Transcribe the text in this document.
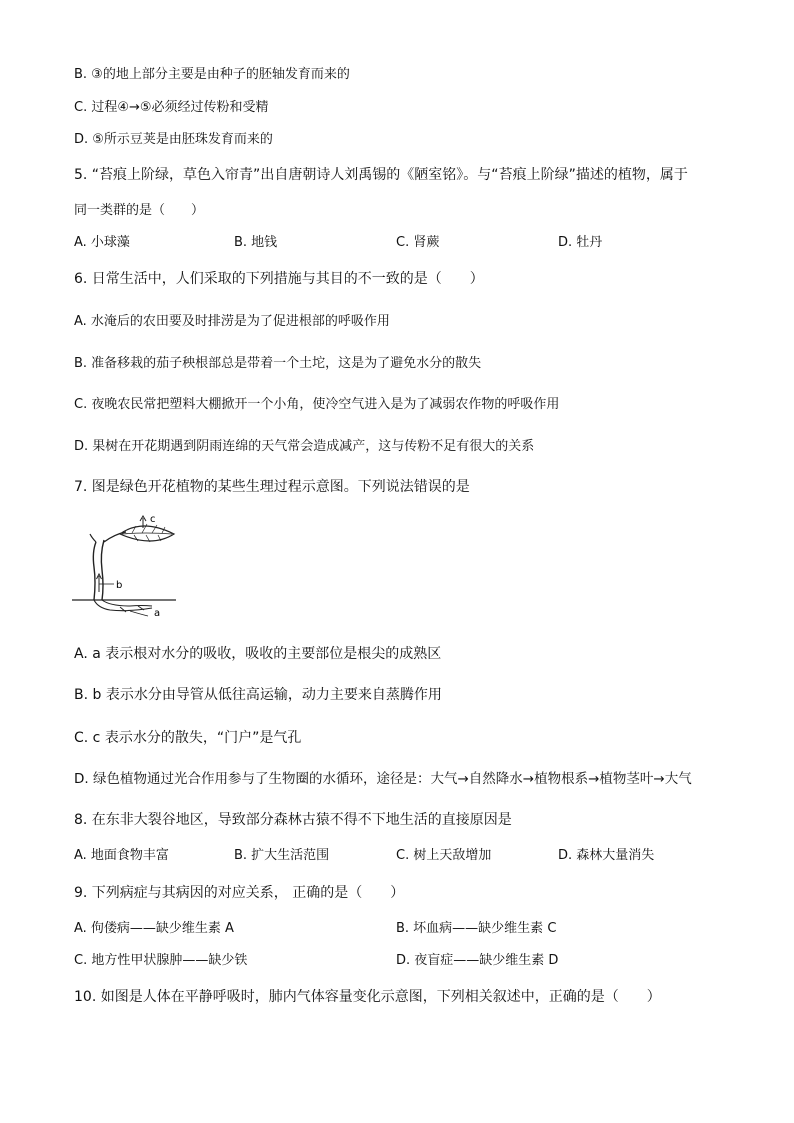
B. ③的地上部分主要是由种子的胚轴发育而来的
C. 过程④→⑤必须经过传粉和受精
D. ⑤所示豆荚是由胚珠发育而来的
5. “苔痕上阶绿，草色入帘青”出自唐朝诗人刘禹锡的《陋室铭》。与“苔痕上阶绿”描述的植物，属于
同一类群的是（　　）
A. 小球藻	B. 地钱	C. 肾蕨	D. 牡丹
6. 日常生活中，人们采取的下列措施与其目的不一致的是（　　）
A. 水淹后的农田要及时排涝是为了促进根部的呼吸作用
B. 准备移栽的茄子秧根部总是带着一个土坨，这是为了避免水分的散失
C. 夜晚农民常把塑料大棚掀开一个小角，使冷空气进入是为了减弱农作物的呼吸作用
D. 果树在开花期遇到阴雨连绵的天气常会造成减产，这与传粉不足有很大的关系
7. 图是绿色开花植物的某些生理过程示意图。下列说法错误的是
c
b
a
A. a 表示根对水分的吸收，吸收的主要部位是根尖的成熟区
B. b 表示水分由导管从低往高运输，动力主要来自蒸腾作用
C. c 表示水分的散失，“门户”是气孔
D. 绿色植物通过光合作用参与了生物圈的水循环，途径是：大气→自然降水→植物根系→植物茎叶→大气
8. 在东非大裂谷地区，导致部分森林古猿不得不下地生活的直接原因是
A. 地面食物丰富	B. 扩大生活范围	C. 树上天敌增加	D. 森林大量消失
9. 下列病症与其病因的对应关系， 正确的是（　　）
A. 佝偻病——缺少维生素 A	B. 坏血病——缺少维生素 C
C. 地方性甲状腺肿——缺少铁	D. 夜盲症——缺少维生素 D
10. 如图是人体在平静呼吸时，肺内气体容量变化示意图，下列相关叙述中，正确的是（　　）
